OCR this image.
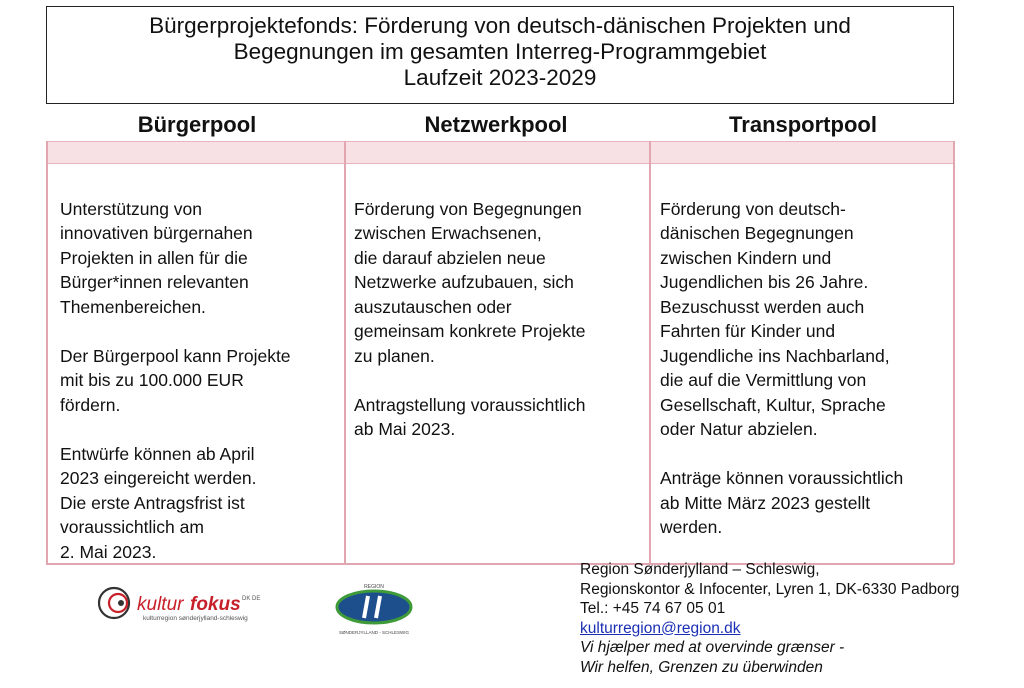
Bürgerprojektefonds: Förderung von deutsch-dänischen Projekten und
Begegnungen im gesamten Interreg-Programmgebiet
Laufzeit 2023-2029
Bürgerpool	Netzwerkpool	Transportpool

Unterstützung von
innovativen bürgernahen
Projekten in allen für die
Bürger*innen relevanten
Themenbereichen.

Der Bürgerpool kann Projekte
mit bis zu 100.000 EUR
fördern.

Entwürfe können ab April
2023 eingereicht werden.
Die erste Antragsfrist ist
voraussichtlich am
2. Mai 2023.

Förderung von Begegnungen
zwischen Erwachsenen,
die darauf abzielen neue
Netzwerke aufzubauen, sich
auszutauschen oder
gemeinsam konkrete Projekte
zu planen.

Antragstellung voraussichtlich
ab Mai 2023.

Förderung von deutsch-
dänischen Begegnungen
zwischen Kindern und
Jugendlichen bis 26 Jahre.
Bezuschusst werden auch
Fahrten für Kinder und
Jugendliche ins Nachbarland,
die auf die Vermittlung von
Gesellschaft, Kultur, Sprache
oder Natur abzielen.

Anträge können voraussichtlich
ab Mitte März 2023 gestellt
werden.

kultur fokus DK DE
kulturregion sønderjylland-schleswig
REGION
SØNDERJYLLAND - SCHLESWIG
Region Sønderjylland – Schleswig,
Regionskontor & Infocenter, Lyren 1, DK-6330 Padborg
Tel.: +45 74 67 05 01
kulturregion@region.dk
Vi hjælper med at overvinde grænser -
Wir helfen, Grenzen zu überwinden
